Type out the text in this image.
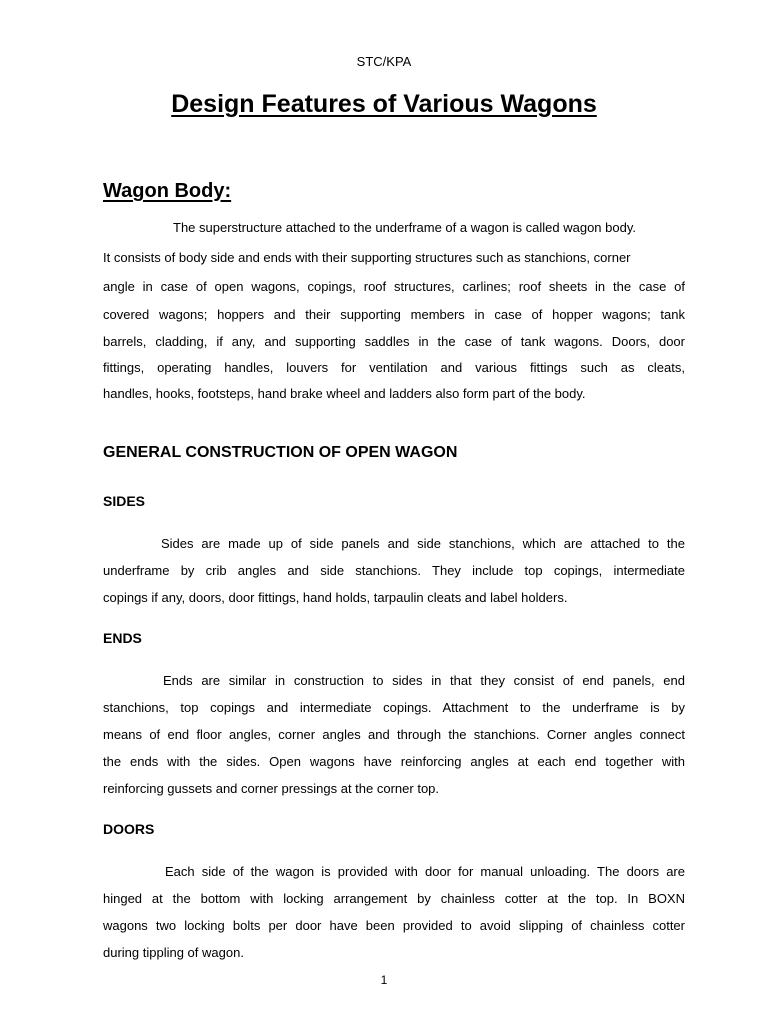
STC/KPA
Design Features of Various Wagons
Wagon Body:
The superstructure attached to the underframe of a wagon is called wagon body.
It consists of body side and ends with their supporting structures such as stanchions, corner
angle in case of open wagons, copings, roof structures, carlines; roof sheets in the case of
covered wagons; hoppers and their supporting members in case of hopper wagons; tank
barrels, cladding, if any, and supporting saddles in the case of tank wagons. Doors, door
fittings, operating handles, louvers for ventilation and various fittings such as cleats,
handles, hooks, footsteps, hand brake wheel and ladders also form part of the body.
GENERAL CONSTRUCTION OF OPEN WAGON
SIDES
Sides are made up of side panels and side stanchions, which are attached to the
underframe by crib angles and side stanchions. They include top copings, intermediate
copings if any, doors, door fittings, hand holds, tarpaulin cleats and label holders.
ENDS
Ends are similar in construction to sides in that they consist of end panels, end
stanchions, top copings and intermediate copings. Attachment to the underframe is by
means of end floor angles, corner angles and through the stanchions. Corner angles connect
the ends with the sides. Open wagons have reinforcing angles at each end together with
reinforcing gussets and corner pressings at the corner top.
DOORS
Each side of the wagon is provided with door for manual unloading. The doors are
hinged at the bottom with locking arrangement by chainless cotter at the top. In BOXN
wagons two locking bolts per door have been provided to avoid slipping of chainless cotter
during tippling of wagon.
1
